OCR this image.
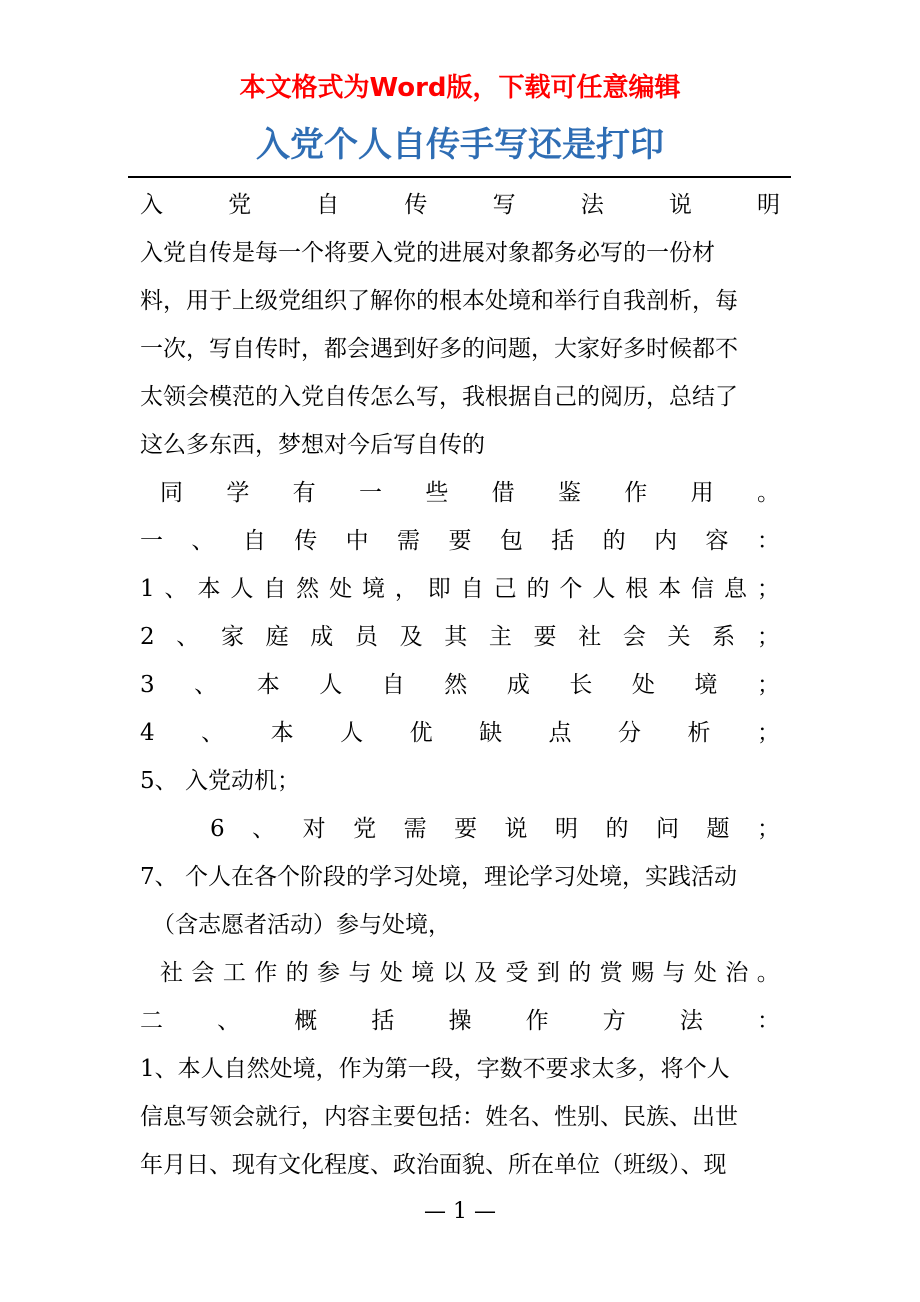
本文格式为Word版，下载可任意编辑
入党个人自传手写还是打印
入	党	自	传	写	法	说	明
入党自传是每一个将要入党的进展对象都务必写的一份材
料，用于上级党组织了解你的根本处境和举行自我剖析，每
一次，写自传时，都会遇到好多的问题，大家好多时候都不
太领会模范的入党自传怎么写，我根据自己的阅历，总结了
这么多东西，梦想对今后写自传的
同 学 有 一 些 借 鉴 作 用 。
一 、 自 传 中 需 要 包 括 的 内 容 ：
1 、 本 人 自 然 处 境 ， 即 自 己 的 个 人 根 本 信 息 ；
2 、 家 庭 成 员 及 其 主 要 社 会 关 系 ；
3 、 本 人 自 然 成 长 处 境 ；
4 、 本 人 优 缺 点 分 析 ；
5、 入党动机；
6 、 对 党 需 要 说 明 的 问 题 ；
7、 个人在各个阶段的学习处境，理论学习处境，实践活动
（含志愿者活动）参与处境，
社 会 工 作 的 参 与 处 境 以 及 受 到 的 赏 赐 与 处 治 。
二 、 概 括 操 作 方 法 ：
1、本人自然处境，作为第一段，字数不要求太多，将个人
信息写领会就行，内容主要包括：姓名、性别、民族、出世
年月日、现有文化程度、政治面貌、所在单位（班级）、现
— 1 —
